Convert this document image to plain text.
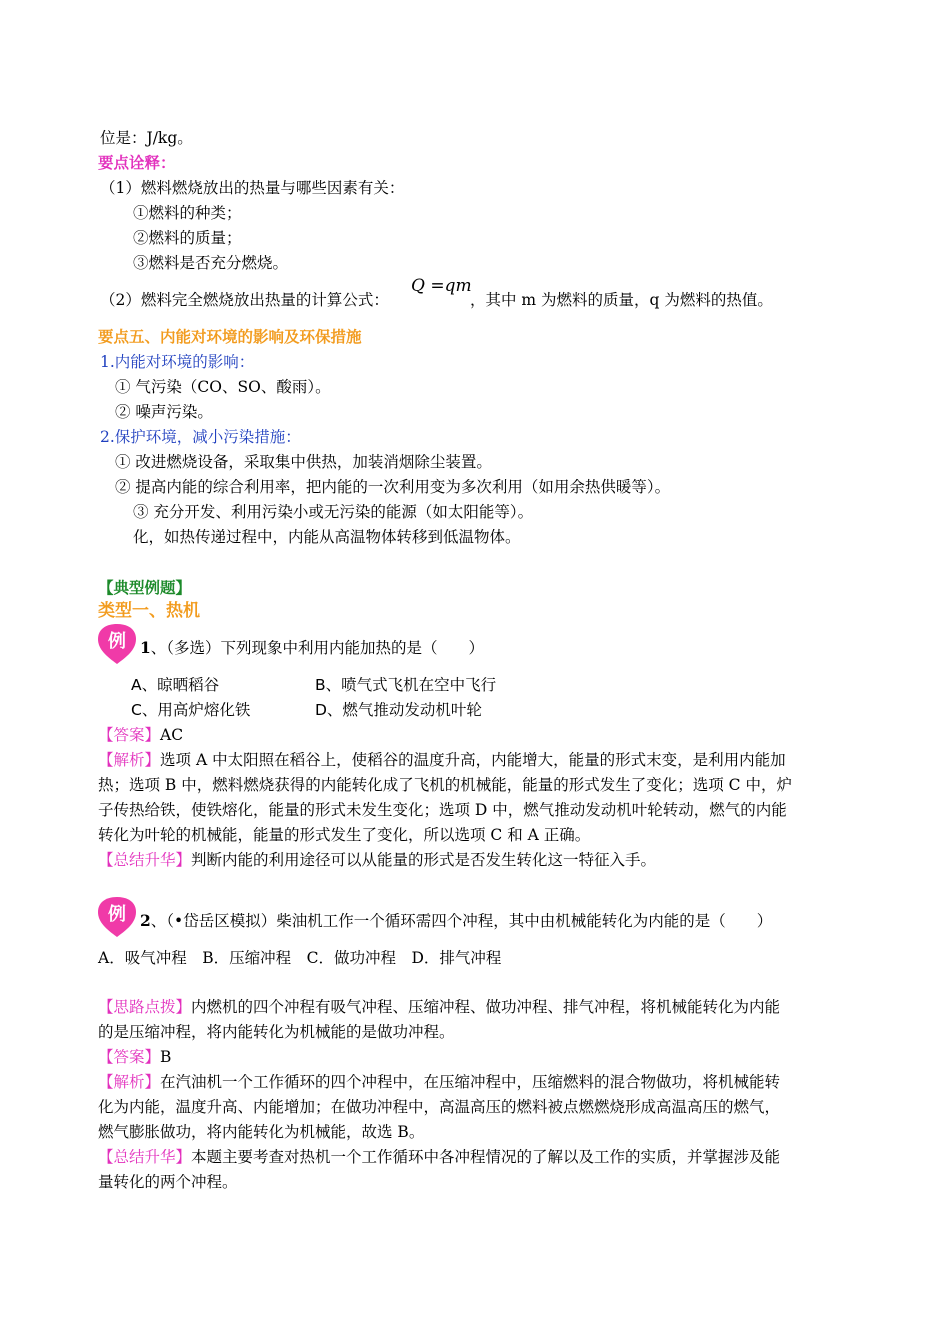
位是：J/kg。
要点诠释：
（1）燃料燃烧放出的热量与哪些因素有关：
①燃料的种类；
②燃料的质量；
③燃料是否充分燃烧。
（2）燃料完全燃烧放出热量的计算公式：
Q =qm
，其中 m 为燃料的质量，q 为燃料的热值。
要点五、内能对环境的影响及环保措施
1.内能对环境的影响：
① 气污染（CO、SO、酸雨）。
② 噪声污染。
2.保护环境，减小污染措施：
① 改进燃烧设备，采取集中供热，加装消烟除尘装置。
② 提高内能的综合利用率，把内能的一次利用变为多次利用（如用余热供暖等）。
③ 充分开发、利用污染小或无污染的能源（如太阳能等）。
化，如热传递过程中，内能从高温物体转移到低温物体。
【典型例题】
类型一、热机
例 1、（多选）下列现象中利用内能加热的是（　　）
A、晾晒稻谷	B、喷气式飞机在空中飞行
C、用高炉熔化铁	D、燃气推动发动机叶轮
【答案】AC
【解析】选项 A 中太阳照在稻谷上，使稻谷的温度升高，内能增大，能量的形式末变，是利用内能加
热；选项 B 中，燃料燃烧获得的内能转化成了飞机的机械能，能量的形式发生了变化；选项 C 中，炉
子传热给铁，使铁熔化，能量的形式未发生变化；选项 D 中，燃气推动发动机叶轮转动，燃气的内能
转化为叶轮的机械能，能量的形式发生了变化，所以选项 C 和 A 正确。
【总结升华】判断内能的利用途径可以从能量的形式是否发生转化这一特征入手。
例 2、（•岱岳区模拟）柴油机工作一个循环需四个冲程，其中由机械能转化为内能的是（　　）
A．吸气冲程　B．压缩冲程　C．做功冲程　D．排气冲程
【思路点拨】内燃机的四个冲程有吸气冲程、压缩冲程、做功冲程、排气冲程，将机械能转化为内能
的是压缩冲程，将内能转化为机械能的是做功冲程。
【答案】B
【解析】在汽油机一个工作循环的四个冲程中，在压缩冲程中，压缩燃料的混合物做功，将机械能转
化为内能，温度升高、内能增加；在做功冲程中，高温高压的燃料被点燃燃烧形成高温高压的燃气，
燃气膨胀做功，将内能转化为机械能，故选 B。
【总结升华】本题主要考查对热机一个工作循环中各冲程情况的了解以及工作的实质，并掌握涉及能
量转化的两个冲程。
